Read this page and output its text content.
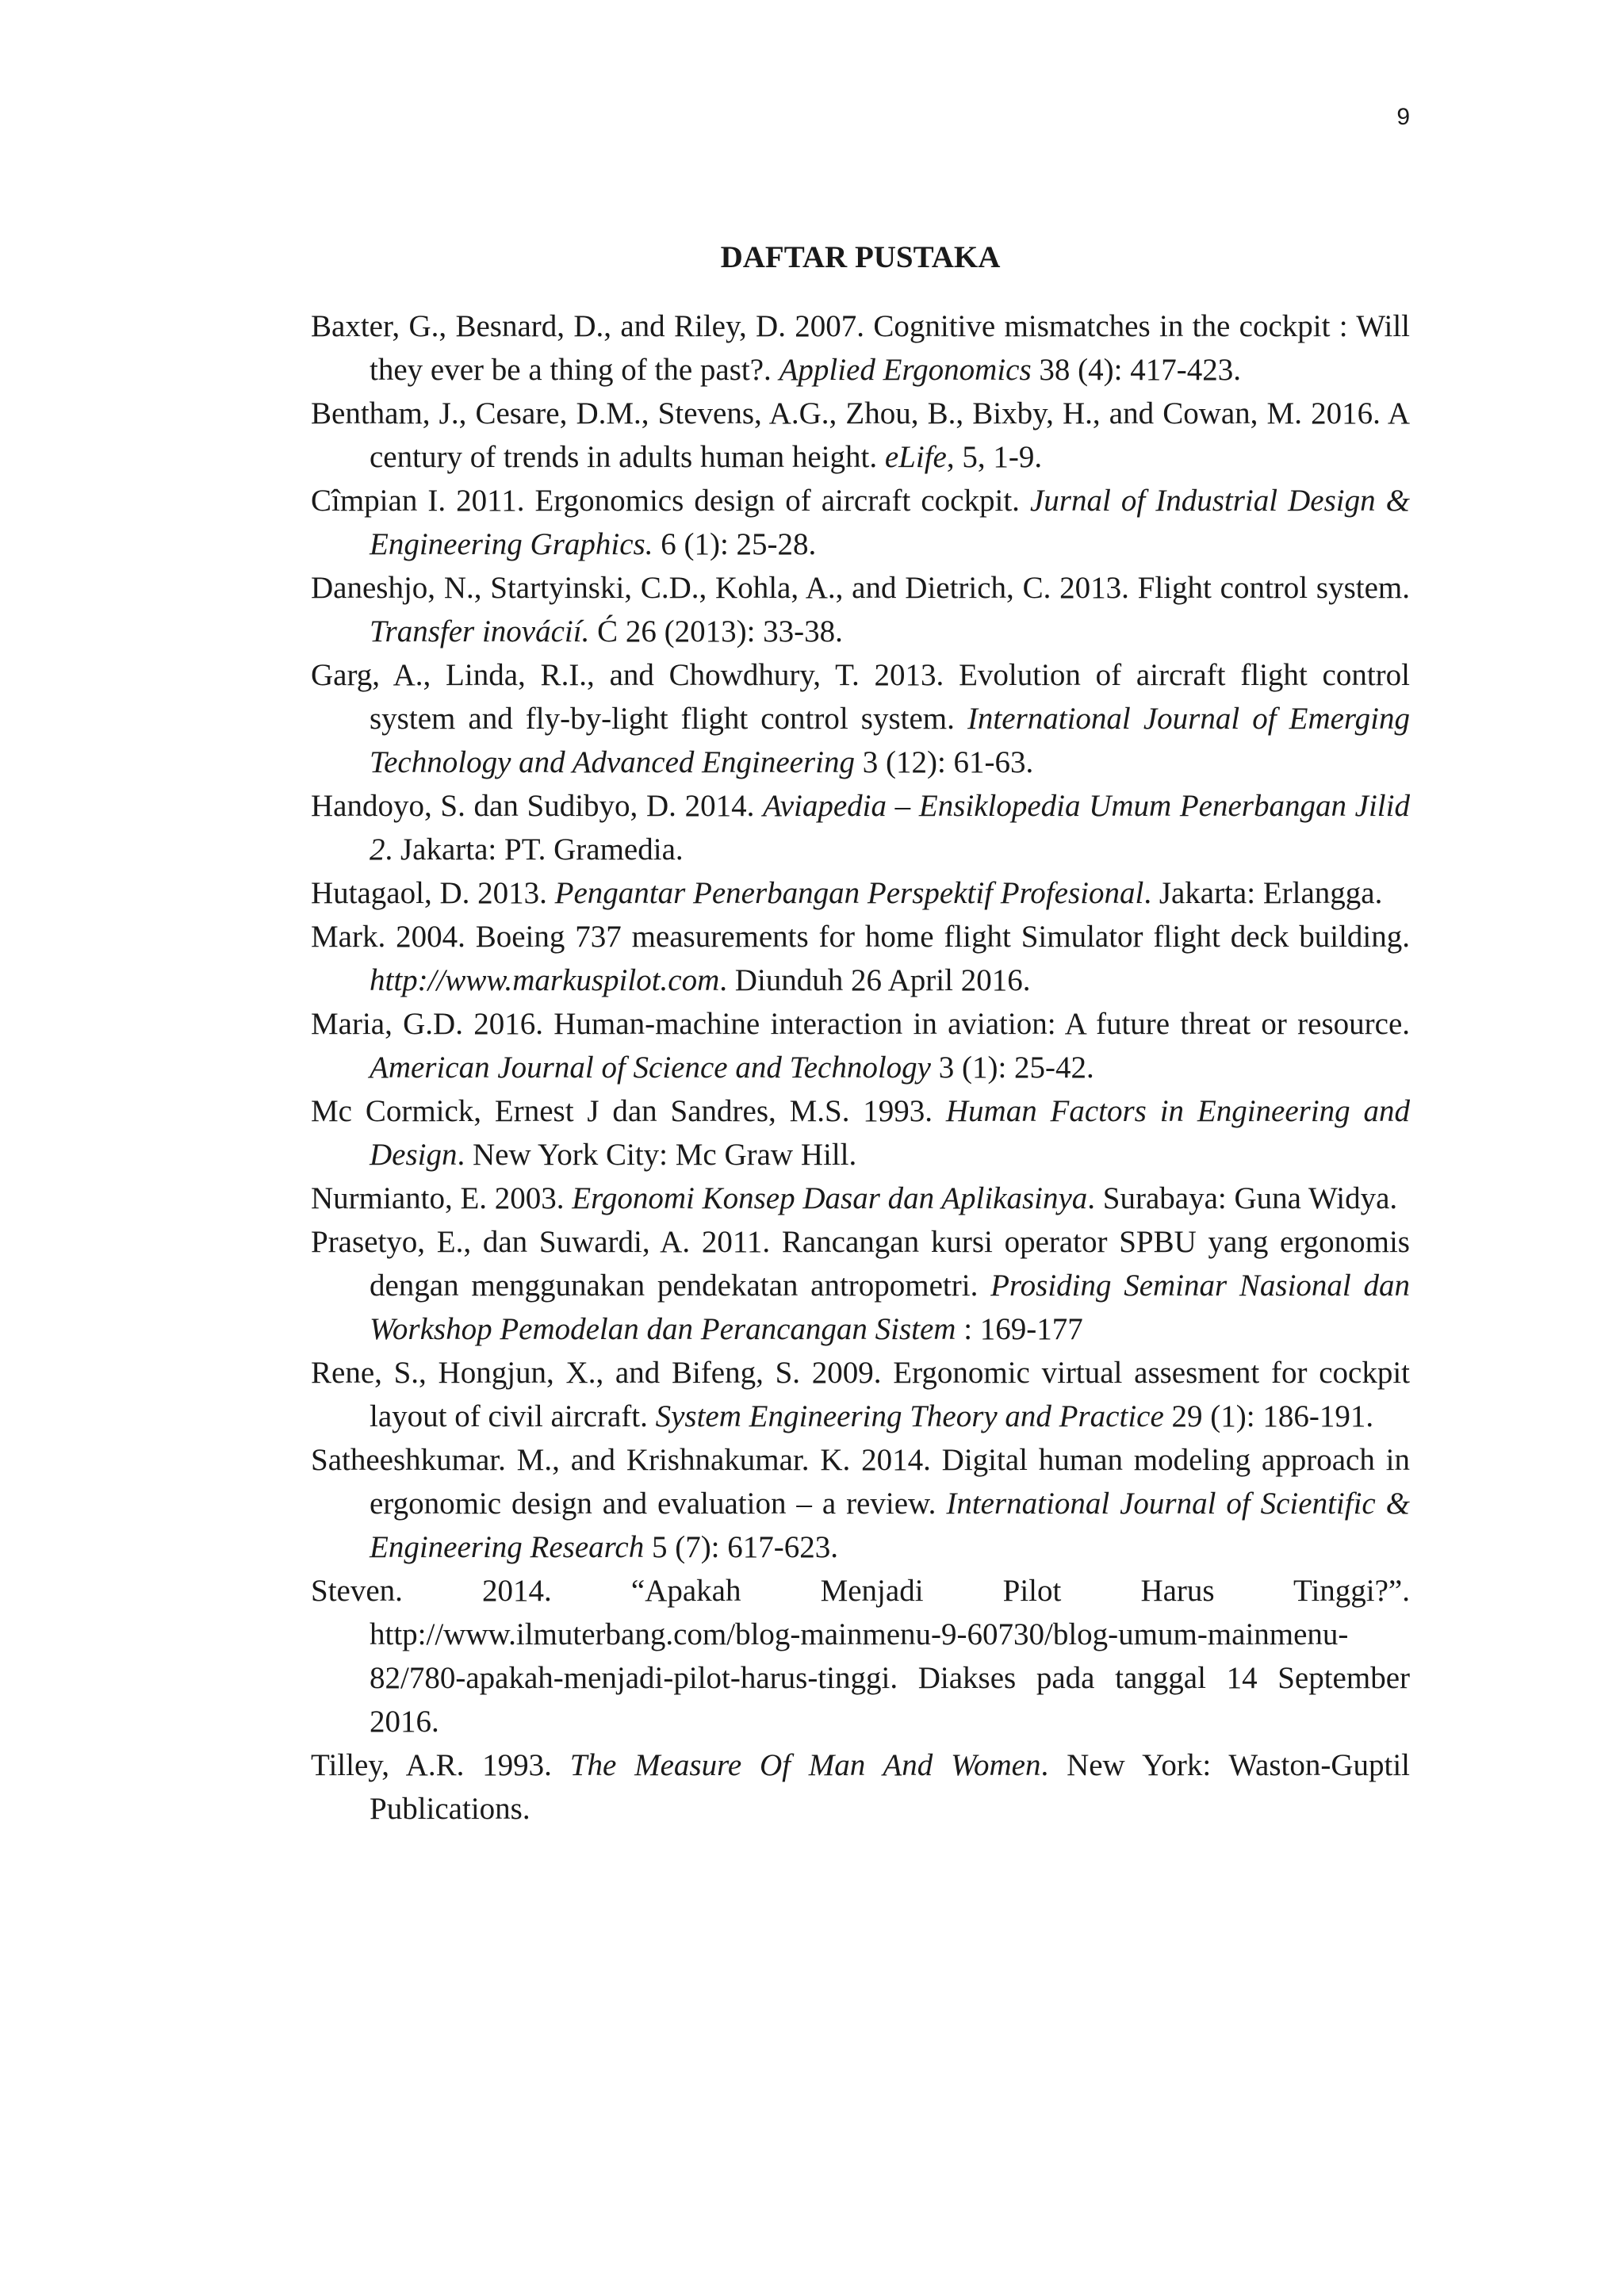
9
DAFTAR PUSTAKA
Baxter, G., Besnard, D., and Riley, D. 2007. Cognitive mismatches in the cockpit : Will they ever be a thing of the past?. Applied Ergonomics 38 (4): 417-423.
Bentham, J., Cesare, D.M., Stevens, A.G., Zhou, B., Bixby, H., and Cowan, M. 2016. A century of trends in adults human height. eLife, 5, 1-9.
Cîmpian I. 2011. Ergonomics design of aircraft cockpit. Jurnal of Industrial Design & Engineering Graphics. 6 (1): 25-28.
Daneshjo, N., Startyinski, C.D., Kohla, A., and Dietrich, C. 2013. Flight control system. Transfer inovácií. Ć 26 (2013): 33-38.
Garg, A., Linda, R.I., and Chowdhury, T. 2013. Evolution of aircraft flight control system and fly-by-light flight control system. International Journal of Emerging Technology and Advanced Engineering 3 (12): 61-63.
Handoyo, S. dan Sudibyo, D. 2014. Aviapedia – Ensiklopedia Umum Penerbangan Jilid 2. Jakarta: PT. Gramedia.
Hutagaol, D. 2013. Pengantar Penerbangan Perspektif Profesional. Jakarta: Erlangga.
Mark. 2004. Boeing 737 measurements for home flight Simulator flight deck building. http://www.markuspilot.com. Diunduh 26 April 2016.
Maria, G.D. 2016. Human-machine interaction in aviation: A future threat or resource. American Journal of Science and Technology 3 (1): 25-42.
Mc Cormick, Ernest J dan Sandres, M.S. 1993. Human Factors in Engineering and Design. New York City: Mc Graw Hill.
Nurmianto, E. 2003. Ergonomi Konsep Dasar dan Aplikasinya. Surabaya: Guna Widya.
Prasetyo, E., dan Suwardi, A. 2011. Rancangan kursi operator SPBU yang ergonomis dengan menggunakan pendekatan antropometri. Prosiding Seminar Nasional dan Workshop Pemodelan dan Perancangan Sistem : 169-177
Rene, S., Hongjun, X., and Bifeng, S. 2009. Ergonomic virtual assesment for cockpit layout of civil aircraft. System Engineering Theory and Practice 29 (1): 186-191.
Satheeshkumar. M., and Krishnakumar. K. 2014. Digital human modeling approach in ergonomic design and evaluation – a review. International Journal of Scientific & Engineering Research 5 (7): 617-623.
Steven. 2014. “Apakah Menjadi Pilot Harus Tinggi?”. http://www.ilmuterbang.com/blog-mainmenu-9-60730/blog-umum-mainmenu-82/780-apakah-menjadi-pilot-harus-tinggi. Diakses pada tanggal 14 September 2016.
Tilley, A.R. 1993. The Measure Of Man And Women. New York: Waston-Guptil Publications.
